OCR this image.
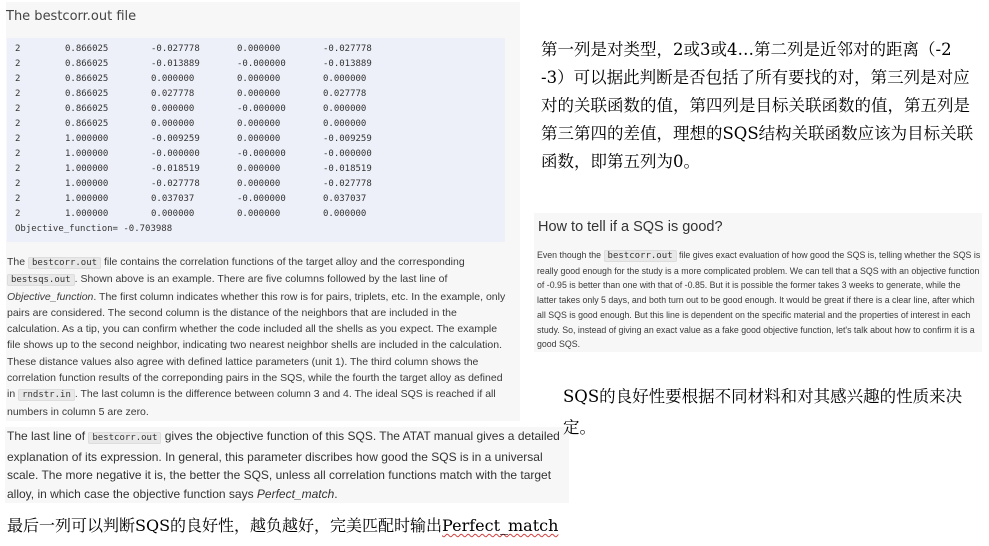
The bestcorr.out file
2	0.866025	-0.027778	0.000000	-0.027778
2	0.866025	-0.013889	-0.000000	-0.013889
2	0.866025	0.000000	0.000000	0.000000
2	0.866025	0.027778	0.000000	0.027778
2	0.866025	0.000000	-0.000000	0.000000
2	0.866025	0.000000	0.000000	0.000000
2	1.000000	-0.009259	0.000000	-0.009259
2	1.000000	-0.000000	-0.000000	-0.000000
2	1.000000	-0.018519	0.000000	-0.018519
2	1.000000	-0.027778	0.000000	-0.027778
2	1.000000	0.037037	-0.000000	0.037037
2	1.000000	0.000000	0.000000	0.000000
Objective_function= -0.703988
The bestcorr.out file contains the correlation functions of the target alloy and the corresponding bestsqs.out . Shown above is an example. There are five columns followed by the last line of Objective_function. The first column indicates whether this row is for pairs, triplets, etc. In the example, only pairs are considered. The second column is the distance of the neighbors that are included in the calculation. As a tip, you can confirm whether the code included all the shells as you expect. The example file shows up to the second neighbor, indicating two nearest neighbor shells are included in the calculation. These distance values also agree with defined lattice parameters (unit 1). The third column shows the correlation function results of the correponding pairs in the SQS, while the fourth the target alloy as defined in rndstr.in . The last column is the difference between column 3 and 4. The ideal SQS is reached if all numbers in column 5 are zero.
The last line of bestcorr.out gives the objective function of this SQS. The ATAT manual gives a detailed explanation of its expression. In general, this parameter discribes how good the SQS is in a universal scale. The more negative it is, the better the SQS, unless all correlation functions match with the target alloy, in which case the objective function says Perfect_match.
第一列是对类型，2或3或4…第二列是近邻对的距离（-2 -3）可以据此判断是否包括了所有要找的对，第三列是对应对的关联函数的值，第四列是目标关联函数的值，第五列是第三第四的差值，理想的SQS结构关联函数应该为目标关联函数，即第五列为0。
How to tell if a SQS is good?
Even though the bestcorr.out file gives exact evaluation of how good the SQS is, telling whether the SQS is really good enough for the study is a more complicated problem. We can tell that a SQS with an objective function of -0.95 is better than one with that of -0.85. But it is possible the former takes 3 weeks to generate, while the latter takes only 5 days, and both turn out to be good enough. It would be great if there is a clear line, after which all SQS is good enough. But this line is dependent on the specific material and the properties of interest in each study. So, instead of giving an exact value as a fake good objective function, let's talk about how to confirm it is a good SQS.
SQS的良好性要根据不同材料和对其感兴趣的性质来决定。
最后一列可以判断SQS的良好性，越负越好，完美匹配时输出Perfect_match
